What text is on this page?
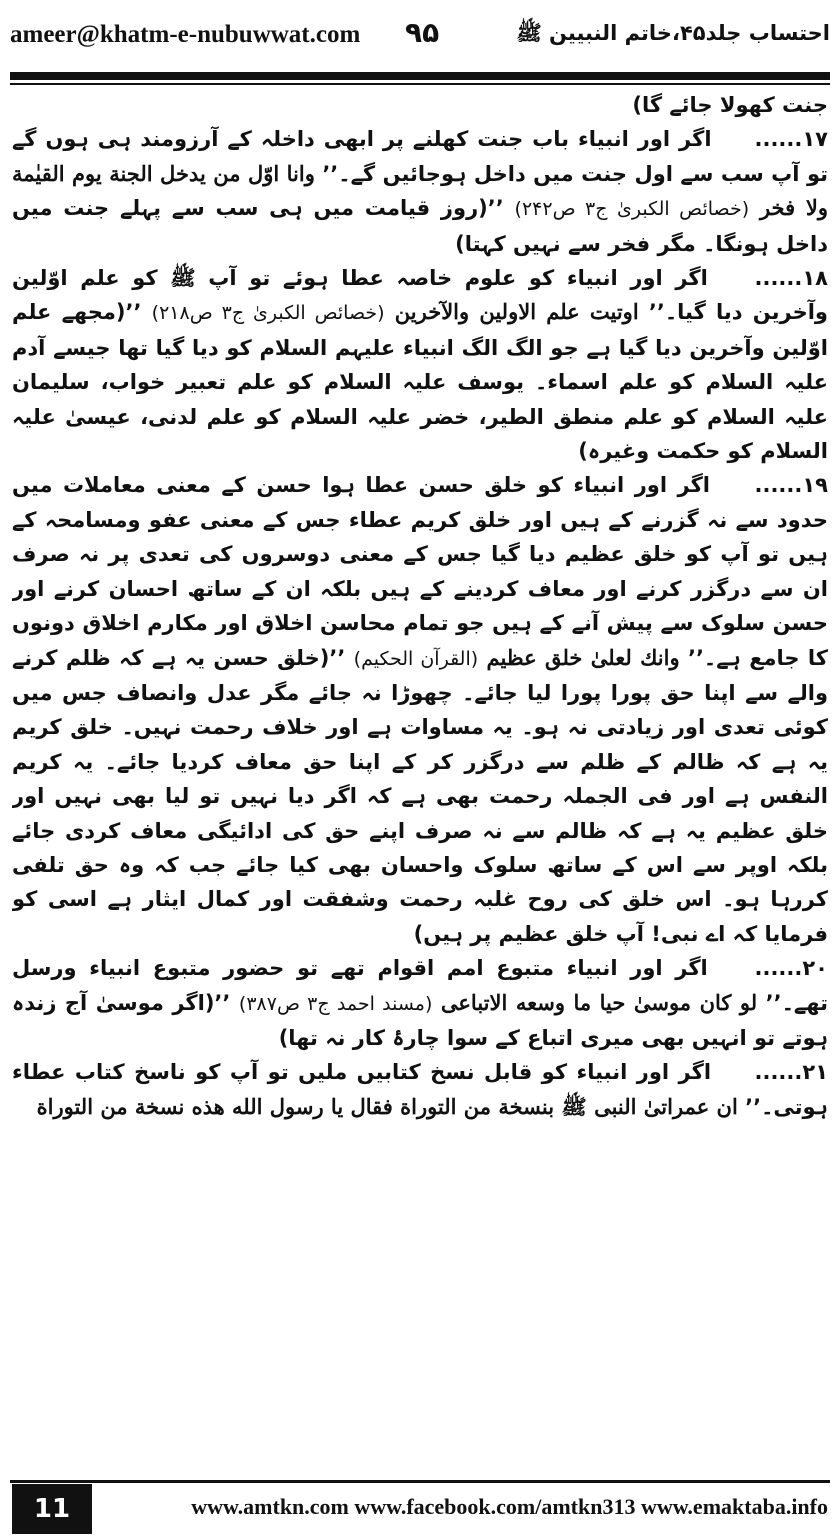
ameer@khatm-e-nubuwwat.com ۹۵	احتساب جلد۴۵،خاتم النبیین ﷺ

جنت کھولا جائے گا)

۱۷...... اگر اور انبیاء باب جنت کھلنے پر ابھی داخلہ کے آرزومند ہی ہوں گے تو آپ سب سے اول جنت میں داخل ہوجائیں گے۔’’ وانا اوّل من یدخل الجنة یوم القیٰمة ولا فخر (خصائص الکبریٰ ج۳ ص۲۴۲) ’’(روز قیامت میں ہی سب سے پہلے جنت میں داخل ہونگا۔ مگر فخر سے نہیں کہتا)

۱۸...... اگر اور انبیاء کو علوم خاصہ عطا ہوئے تو آپ ﷺ کو علم اوّلین وآخرین دیا گیا۔’’ اوتیت علم الاولین والآخرین (خصائص الکبریٰ ج۳ ص۲۱۸) ’’(مجھے علم اوّلین وآخرین دیا گیا ہے جو الگ الگ انبیاء علیہم السلام کو دیا گیا تھا جیسے آدم علیہ السلام کو علم اسماء۔ یوسف علیہ السلام کو علم تعبیر خواب، سلیمان علیہ السلام کو علم منطق الطیر، خضر علیہ السلام کو علم لدنی، عیسیٰ علیہ السلام کو حکمت وغیرہ)

۱۹...... اگر اور انبیاء کو خلق حسن عطا ہوا حسن کے معنی معاملات میں حدود سے نہ گزرنے کے ہیں اور خلق کریم عطاء جس کے معنی عفو ومسامحہ کے ہیں تو آپ کو خلق عظیم دیا گیا جس کے معنی دوسروں کی تعدی پر نہ صرف ان سے درگزر کرنے اور معاف کردینے کے ہیں بلکہ ان کے ساتھ احسان کرنے اور حسن سلوک سے پیش آنے کے ہیں جو تمام محاسن اخلاق اور مکارم اخلاق دونوں کا جامع ہے۔’’ وانك لعلیٰ خلق عظیم (القرآن الحکیم) ’’(خلق حسن یہ ہے کہ ظلم کرنے والے سے اپنا حق پورا پورا لیا جائے۔ چھوڑا نہ جائے مگر عدل وانصاف جس میں کوئی تعدی اور زیادتی نہ ہو۔ یہ مساوات ہے اور خلاف رحمت نہیں۔ خلق کریم یہ ہے کہ ظالم کے ظلم سے درگزر کر کے اپنا حق معاف کردیا جائے۔ یہ کریم النفس ہے اور فی الجملہ رحمت بھی ہے کہ اگر دیا نہیں تو لیا بھی نہیں اور خلق عظیم یہ ہے کہ ظالم سے نہ صرف اپنے حق کی ادائیگی معاف کردی جائے بلکہ اوپر سے اس کے ساتھ سلوک واحسان بھی کیا جائے جب کہ وہ حق تلفی کررہا ہو۔ اس خلق کی روح غلبہ رحمت وشفقت اور کمال ایثار ہے اسی کو فرمایا کہ اے نبی! آپ خلق عظیم پر ہیں)

۲۰...... اگر اور انبیاء متبوع امم اقوام تھے تو حضور متبوع انبیاء ورسل تھے۔’’ لو کان موسیٰ حیا ما وسعه الاتباعی (مسند احمد ج۳ ص۳۸۷) ’’(اگر موسیٰ آج زندہ ہوتے تو انہیں بھی میری اتباع کے سوا چارۂ کار نہ تھا)

۲۱...... اگر اور انبیاء کو قابل نسخ کتابیں ملیں تو آپ کو ناسخ کتاب عطاء ہوتی۔’’ ان عمراتیٰ النبی ﷺ بنسخة من التوراة فقال یا رسول الله هذه نسخة من التوراة

11	www.amtkn.com www.facebook.com/amtkn313 www.emaktaba.info
